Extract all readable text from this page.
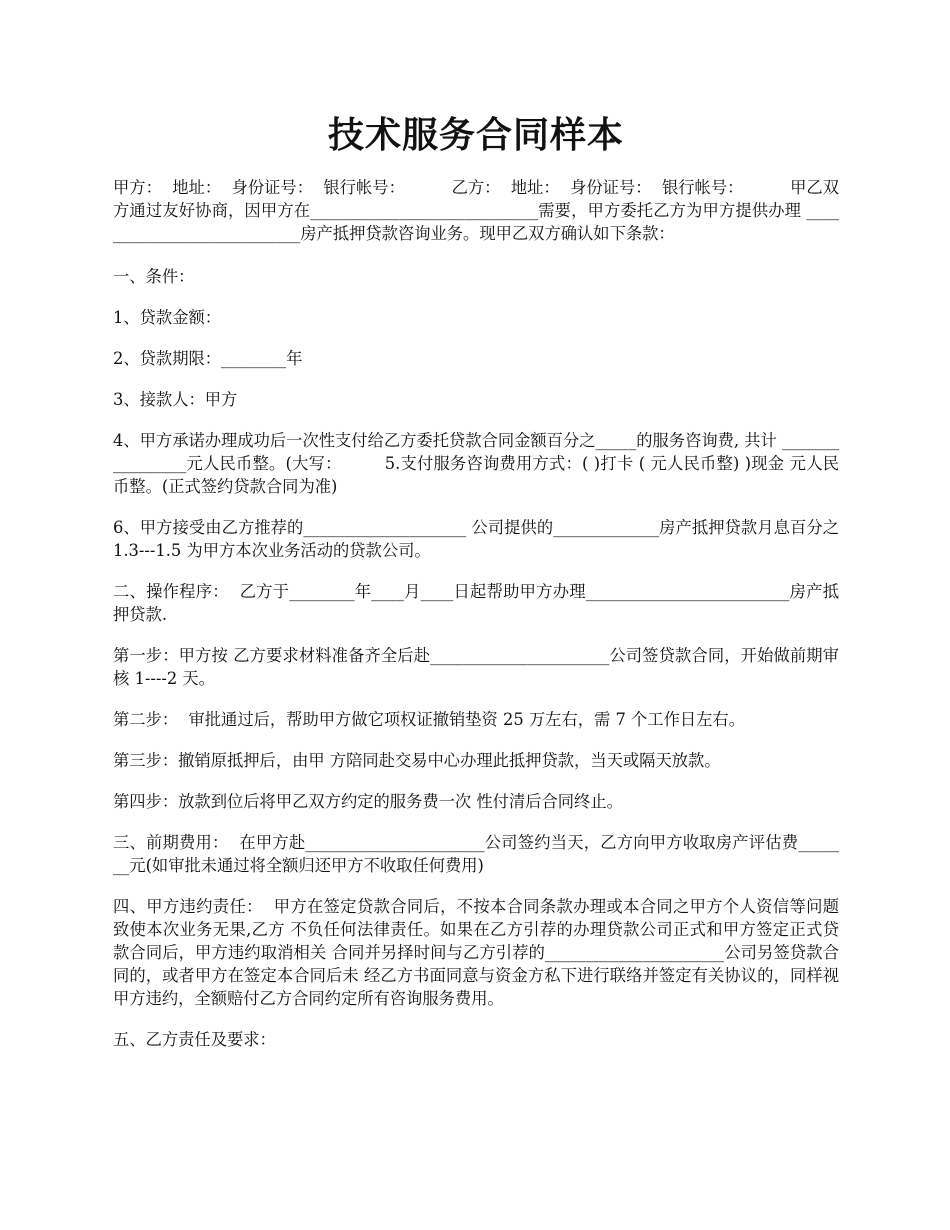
技术服务合同样本

甲方：  地址：  身份证号：  银行帐号：         乙方：  地址：  身份证号：  银行帐号：         甲乙双方通过友好协商，因甲方在____________________________需要，甲方委托乙方为甲方提供办理 ___________________________房产抵押贷款咨询业务。现甲乙双方确认如下条款：

一、条件：

1、贷款金额：

2、贷款期限：________年

3、接款人：甲方

4、甲方承诺办理成功后一次性支付给乙方委托贷款合同金额百分之_____的服务咨询费, 共计 ________________元人民币整。(大写：        5.支付服务咨询费用方式：( )打卡 ( 元人民币整) )现金 元人民币整。(正式签约贷款合同为准)

6、甲方接受由乙方推荐的____________________ 公司提供的_____________房产抵押贷款月息百分之 1.3---1.5 为甲方本次业务活动的贷款公司。

二、操作程序：  乙方于________年____月____日起帮助甲方办理_________________________房产抵押贷款.

第一步：甲方按 乙方要求材料准备齐全后赴______________________公司签贷款合同，开始做前期审核 1----2 天。

第二步：  审批通过后，帮助甲方做它项权证撤销垫资 25 万左右，需 7 个工作日左右。

第三步：撤销原抵押后，由甲 方陪同赴交易中心办理此抵押贷款，当天或隔天放款。

第四步：放款到位后将甲乙双方约定的服务费一次 性付清后合同终止。

三、前期费用：  在甲方赴______________________公司签约当天，乙方向甲方收取房产评估费_______元(如审批未通过将全额归还甲方不收取任何费用)

四、甲方违约责任：  甲方在签定贷款合同后，不按本合同条款办理或本合同之甲方个人资信等问题致使本次业务无果,乙方 不负任何法律责任。如果在乙方引荐的办理贷款公司正式和甲方签定正式贷款合同后，甲方违约取消相关 合同并另择时间与乙方引荐的______________________公司另签贷款合同的，或者甲方在签定本合同后未 经乙方书面同意与资金方私下进行联络并签定有关协议的，同样视甲方违约，全额赔付乙方合同约定所有咨询服务费用。

五、乙方责任及要求：
